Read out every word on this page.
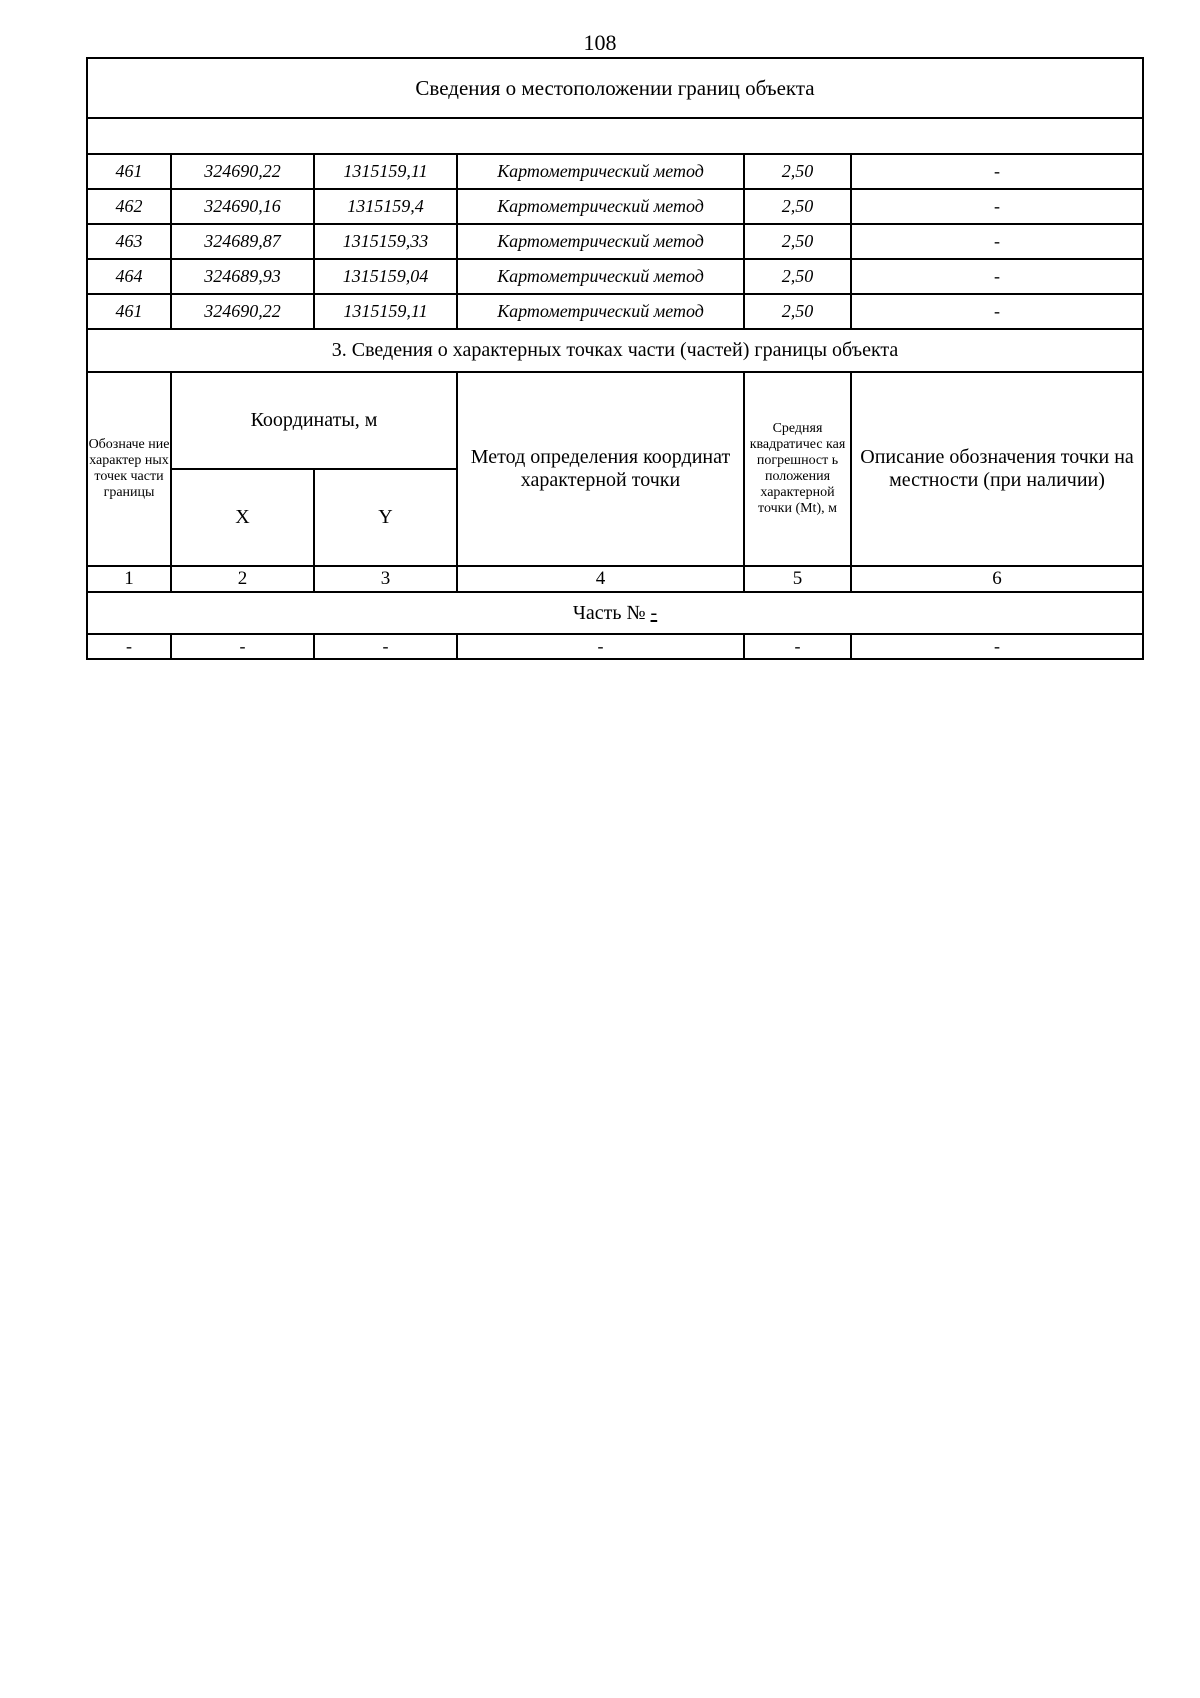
108
Сведения о местоположении границ объекта					

461	324690,22	1315159,11	Картометрический метод	2,50	-
462	324690,16	1315159,4	Картометрический метод	2,50	-
463	324689,87	1315159,33	Картометрический метод	2,50	-
464	324689,93	1315159,04	Картометрический метод	2,50	-
461	324690,22	1315159,11	Картометрический метод	2,50	-
3. Сведения о характерных точках части (частей) границы объекта					
Обозначе ние характер ных точек части границы	Координаты, м		Метод определения координат характерной точки	Средняя квадратичес кая погрешност ь положения характерной точки (Mt), м	Описание обозначения точки на местности (при наличии)
	X	Y			
1	2	3	4	5	6
Часть № -					
-	-	-	-	-	-
